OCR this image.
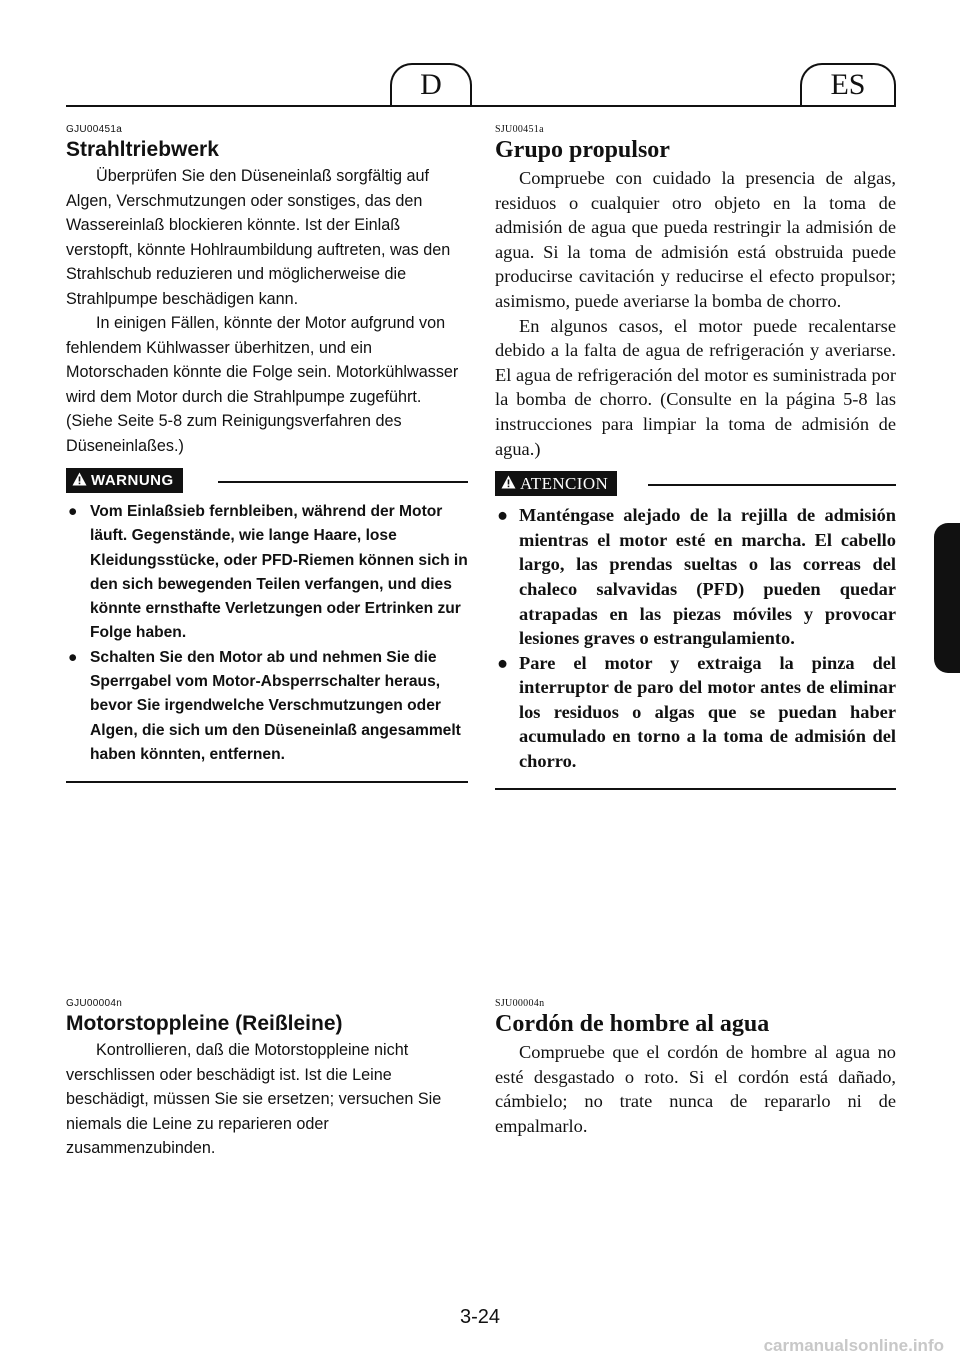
D	ES

GJU00451a

Strahltriebwerk

Überprüfen Sie den Düseneinlaß sorgfältig auf Algen, Verschmutzungen oder sonstiges, das den Wassereinlaß blockieren könnte. Ist der Einlaß verstopft, könnte Hohlraumbildung auftreten, was den Strahlschub reduzieren und möglicherweise die Strahlpumpe beschädigen kann.

In einigen Fällen, könnte der Motor aufgrund von fehlendem Kühlwasser überhitzen, und ein Motorschaden könnte die Folge sein. Motorkühlwasser wird dem Motor durch die Strahlpumpe zugeführt. (Siehe Seite 5-8 zum Reinigungsverfahren des Düseneinlaßes.)

WARNUNG
● Vom Einlaßsieb fernbleiben, während der Motor läuft. Gegenstände, wie lange Haare, lose Kleidungsstücke, oder PFD-Riemen können sich in den sich bewegenden Teilen verfangen, und dies könnte ernsthafte Verletzungen oder Ertrinken zur Folge haben.
● Schalten Sie den Motor ab und nehmen Sie die Sperrgabel vom Motor-Absperrschalter heraus, bevor Sie irgendwelche Verschmutzungen oder Algen, die sich um den Düseneinlaß angesammelt haben könnten, entfernen.

SJU00451a

Grupo propulsor

Compruebe con cuidado la presencia de algas, residuos o cualquier otro objeto en la toma de admisión de agua que pueda restringir la admisión de agua. Si la toma de admisión está obstruida puede producirse cavitación y reducirse el efecto propulsor; asimismo, puede averiarse la bomba de chorro.

En algunos casos, el motor puede recalentarse debido a la falta de agua de refrigeración y averiarse. El agua de refrigeración del motor es suministrada por la bomba de chorro. (Consulte en la página 5-8 las instrucciones para limpiar la toma de admisión de agua.)

ATENCION
● Manténgase alejado de la rejilla de admisión mientras el motor esté en marcha. El cabello largo, las prendas sueltas o las correas del chaleco salvavidas (PFD) pueden quedar atrapadas en las piezas móviles y provocar lesiones graves o estrangulamiento.
● Pare el motor y extraiga la pinza del interruptor de paro del motor antes de eliminar los residuos o algas que se puedan haber acumulado en torno a la toma de admisión del chorro.

GJU00004n

Motorstoppleine (Reißleine)

Kontrollieren, daß die Motorstoppleine nicht verschlissen oder beschädigt ist. Ist die Leine beschädigt, müssen Sie sie ersetzen; versuchen Sie niemals die Leine zu reparieren oder zusammenzubinden.

SJU00004n

Cordón de hombre al agua

Compruebe que el cordón de hombre al agua no esté desgastado o roto. Si el cordón está dañado, cámbielo; no trate nunca de repararlo ni de empalmarlo.

3-24
carmanualsonline.info
